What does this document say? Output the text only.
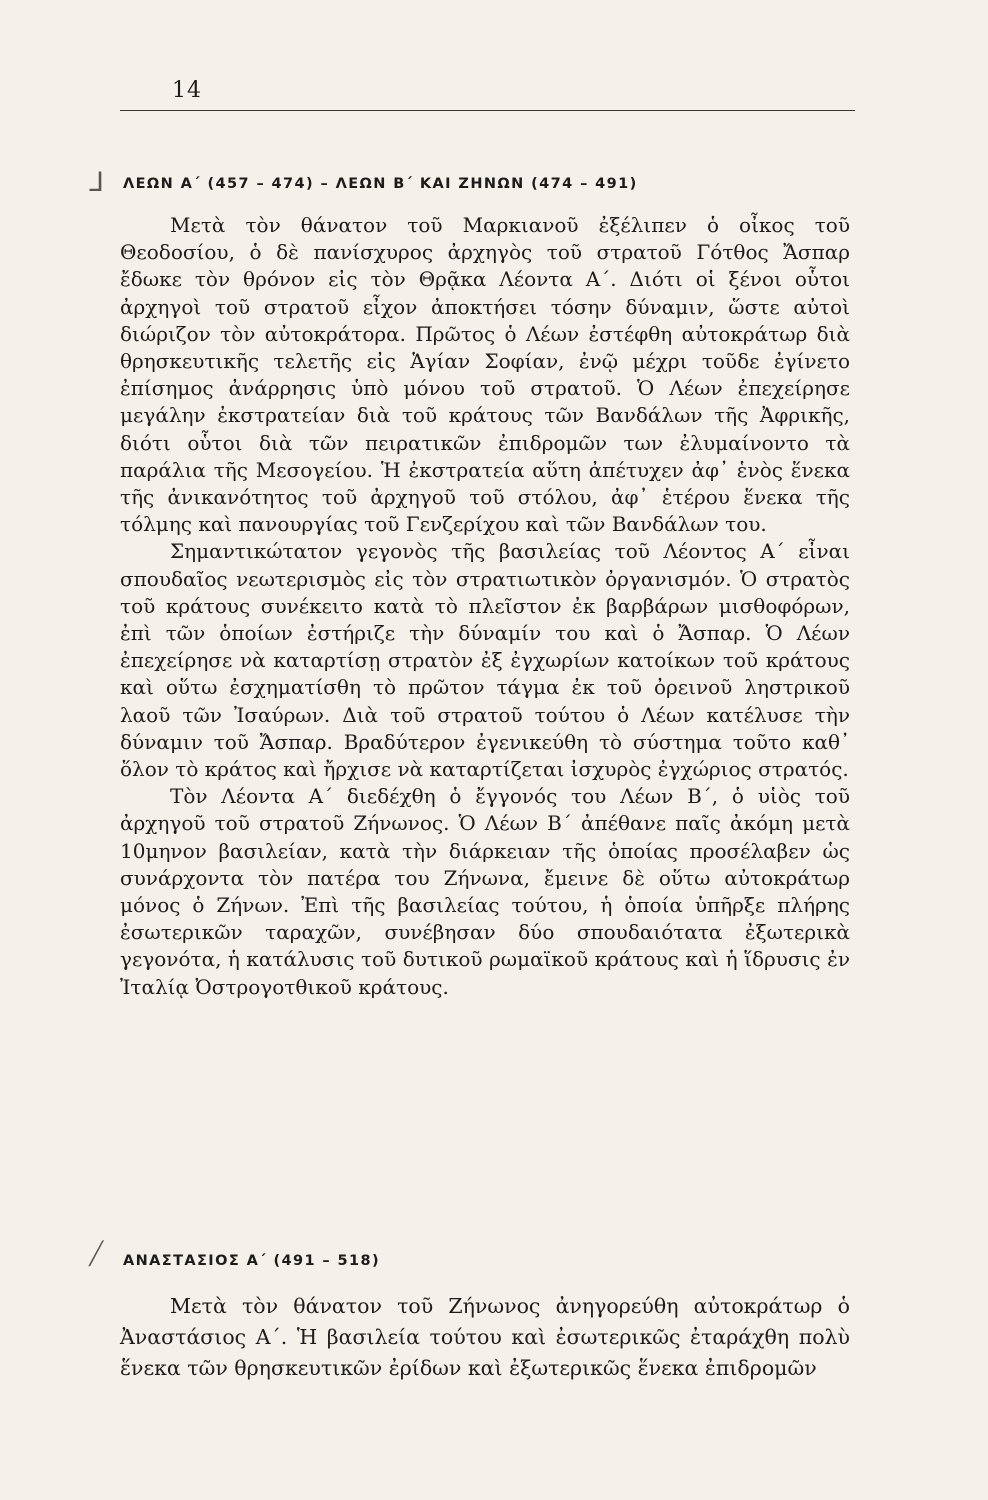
14
ᒧ
⟋
ΛΕΩΝ Α΄ (457 – 474) – ΛΕΩΝ Β΄ ΚΑΙ ΖΗΝΩΝ (474 – 491)

Μετὰ τὸν θάνατον τοῦ Μαρκιανοῦ ἐξέλιπεν ὁ οἶκος τοῦ Θεοδοσίου, ὁ δὲ πανίσχυρος ἀρχηγὸς τοῦ στρατοῦ Γότθος Ἄσπαρ ἔδωκε τὸν θρόνον εἰς τὸν Θρᾷκα Λέοντα Α΄. Διότι οἱ ξένοι οὗτοι ἀρχηγοὶ τοῦ στρατοῦ εἶχον ἀποκτήσει τόσην δύναμιν, ὥστε αὐτοὶ διώριζον τὸν αὐτοκράτορα. Πρῶτος ὁ Λέων ἐστέφθη αὐτοκράτωρ διὰ θρησκευτικῆς τελετῆς εἰς Ἁγίαν Σοφίαν, ἐνῷ μέχρι τοῦδε ἐγίνετο ἐπίσημος ἀνάρρησις ὑπὸ μόνου τοῦ στρατοῦ. Ὁ Λέων ἐπεχείρησε μεγάλην ἐκστρατείαν διὰ τοῦ κράτους τῶν Βανδάλων τῆς Ἀφρικῆς, διότι οὗτοι διὰ τῶν πειρατικῶν ἐπιδρομῶν των ἐλυμαίνοντο τὰ παράλια τῆς Μεσογείου. Ἡ ἐκστρατεία αὕτη ἀπέτυχεν ἀφ᾽ ἑνὸς ἕνεκα τῆς ἀνικανότητος τοῦ ἀρχηγοῦ τοῦ στόλου, ἀφ᾽ ἑτέρου ἕνεκα τῆς τόλμης καὶ πανουργίας τοῦ Γενζερίχου καὶ τῶν Βανδάλων του.

Σημαντικώτατον γεγονὸς τῆς βασιλείας τοῦ Λέοντος Α΄ εἶναι σπουδαῖος νεωτερισμὸς εἰς τὸν στρατιωτικὸν ὀργανισμόν. Ὁ στρατὸς τοῦ κράτους συνέκειτο κατὰ τὸ πλεῖστον ἐκ βαρβάρων μισθοφόρων, ἐπὶ τῶν ὁποίων ἐστήριζε τὴν δύναμίν του καὶ ὁ Ἄσπαρ. Ὁ Λέων ἐπεχείρησε νὰ καταρτίσῃ στρατὸν ἐξ ἐγχωρίων κατοίκων τοῦ κράτους καὶ οὕτω ἐσχηματίσθη τὸ πρῶτον τάγμα ἐκ τοῦ ὀρεινοῦ ληστρικοῦ λαοῦ τῶν Ἰσαύρων. Διὰ τοῦ στρατοῦ τούτου ὁ Λέων κατέλυσε τὴν δύναμιν τοῦ Ἄσπαρ. Βραδύτερον ἐγενικεύθη τὸ σύστημα τοῦτο καθ᾽ ὅλον τὸ κράτος καὶ ἤρχισε νὰ καταρτίζεται ἰσχυρὸς ἐγχώριος στρατός.

Τὸν Λέοντα Α΄ διεδέχθη ὁ ἔγγονός του Λέων Β΄, ὁ υἱὸς τοῦ ἀρχηγοῦ τοῦ στρατοῦ Ζήνωνος. Ὁ Λέων Β΄ ἀπέθανε παῖς ἀκόμη μετὰ 10μηνον βασιλείαν, κατὰ τὴν διάρκειαν τῆς ὁποίας προσέλαβεν ὡς συνάρχοντα τὸν πατέρα του Ζήνωνα, ἔμεινε δὲ οὕτω αὐτοκράτωρ μόνος ὁ Ζήνων. Ἐπὶ τῆς βασιλείας τούτου, ἡ ὁποία ὑπῆρξε πλήρης ἐσωτερικῶν ταραχῶν, συνέβησαν δύο σπουδαιότατα ἐξωτερικὰ γεγονότα, ἡ κατάλυσις τοῦ δυτικοῦ ρωμαϊκοῦ κράτους καὶ ἡ ἵδρυσις ἐν Ἰταλίᾳ Ὀστρογοτθικοῦ κράτους.

ΑΝΑΣΤΑΣΙΟΣ Α΄ (491 – 518)

Μετὰ τὸν θάνατον τοῦ Ζήνωνος ἀνηγορεύθη αὐτοκράτωρ ὁ Ἀναστάσιος Α΄. Ἡ βασιλεία τούτου καὶ ἐσωτερικῶς ἐταράχθη πολὺ ἕνεκα τῶν θρησκευτικῶν ἐρίδων καὶ ἐξωτερικῶς ἕνεκα ἐπιδρομῶν
